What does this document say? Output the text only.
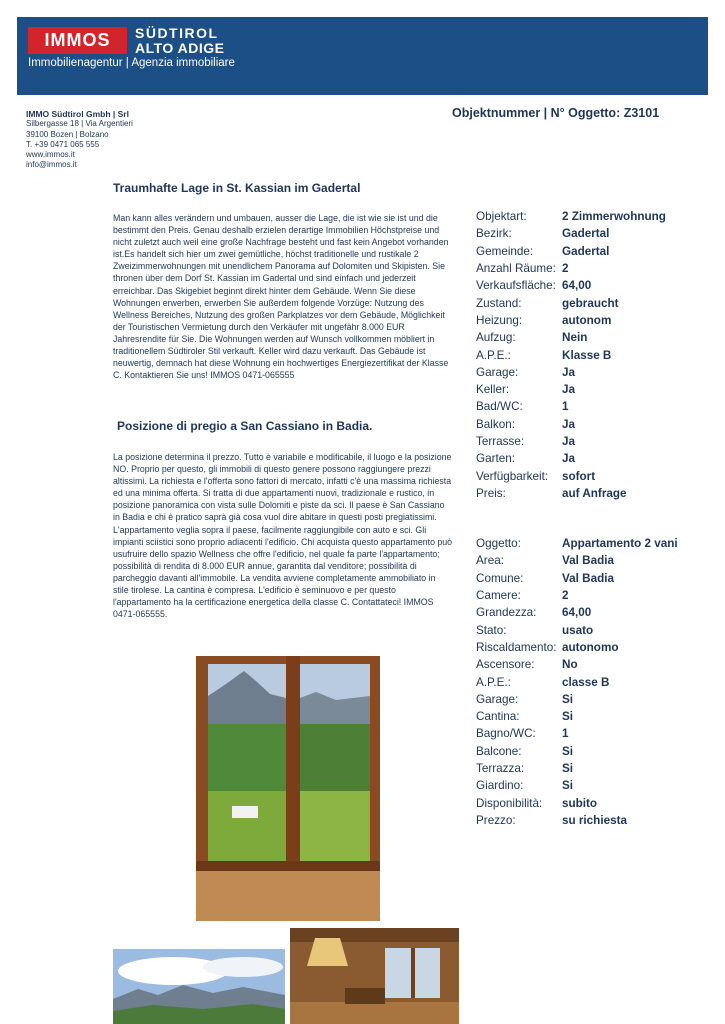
IMMOS	SÜDTIROL
ALTO ADIGE
Immobilienagentur | Agenzia immobiliare
IMMO Südtirol Gmbh | Srl
Silbergasse 18 | Via Argentieri
39100 Bozen | Bolzano
T. +39 0471 065 555
www.immos.it
info@immos.it
Objektnummer | N° Oggetto: Z3101
Traumhafte Lage in St. Kassian im Gadertal
Man kann alles verändern und umbauen, ausser die Lage, die ist wie sie ist und die bestimmt den Preis. Genau deshalb erzielen derartige Immobilien Höchstpreise und nicht zuletzt auch weil eine große Nachfrage besteht und fast kein Angebot vorhanden ist.Es handelt sich hier um zwei gemütliche, höchst traditionelle und rustikale 2 Zweizimmerwohnungen mit unendlichem Panorama auf Dolomiten und Skipisten. Sie thronen über dem Dorf St. Kassian im Gadertal und sind einfach und jederzeit erreichbar. Das Skigebiet beginnt direkt hinter dem Gebäude. Wenn Sie diese Wohnungen erwerben, erwerben Sie außerdem folgende Vorzüge: Nutzung des Wellness Bereiches, Nutzung des großen Parkplatzes vor dem Gebäude, Möglichkeit der Touristischen Vermietung durch den Verkäufer mit ungefähr 8.000 EUR Jahresrendite für Sie. Die Wohnungen werden auf Wunsch vollkommen möbliert in traditionellem Südtiroler Stil verkauft. Keller wird dazu verkauft. Das Gebäude ist neuwertig, demnach hat diese Wohnung ein hochwertiges Energiezertifikat der Klasse C. Kontaktieren Sie uns! IMMOS 0471-065555
Posizione di pregio a San Cassiano in Badia.
La posizione determina il prezzo. Tutto è variabile e modificabile, il luogo e la posizione NO. Proprio per questo, gli immobili di questo genere possono raggiungere prezzi altissimi. La richiesta e l'offerta sono fattori di mercato, infatti c'è una massima richiesta ed una minima offerta. Si tratta di due appartamenti nuovi, tradizionale e rustico, in posizione panoramica con vista sulle Dolomiti e piste da sci. Il paese è San Cassiano in Badia e chi è pratico saprà già cosa vuol dire abitare in questi posti pregiatissimi. L'appartamento veglia sopra il paese, facilmente raggiungibile con auto e sci. Gli impianti sciistici sono proprio adiacenti l'edificio. Chi acquista questo appartamento può usufruire dello spazio Wellness che offre l'edificio, nel quale fa parte l'appartamento; possibilità di rendita di 8.000 EUR annue, garantita dal venditore; possibilità di parcheggio davanti all'immobile. La vendita avviene completamente ammobiliato in stile tirolese. La cantina è compresa. L'edificio è seminuovo e per questo l'appartamento ha la certificazione energetica della classe C. Contattateci! IMMOS 0471-065555.
Objektart:	2 Zimmerwohnung
Bezirk:	Gadertal
Gemeinde:	Gadertal
Anzahl Räume: 2
Verkaufsfläche: 64,00
Zustand:	gebraucht
Heizung:	autonom
Aufzug:	Nein
A.P.E.:	Klasse B
Garage:	Ja
Keller:	Ja
Bad/WC:	1
Balkon:	Ja
Terrasse:	Ja
Garten:	Ja
Verfügbarkeit:	sofort
Preis:	auf Anfrage
Oggetto:	Appartamento 2 vani
Area:	Val Badia
Comune:	Val Badia
Camere:	2
Grandezza:	64,00
Stato:	usato
Riscaldamento: autonomo
Ascensore:	No
A.P.E.:	classe B
Garage:	Si
Cantina:	Si
Bagno/WC:	1
Balcone:	Si
Terrazza:	Si
Giardino:	Si
Disponibilità:	subito
Prezzo:	su richiesta
